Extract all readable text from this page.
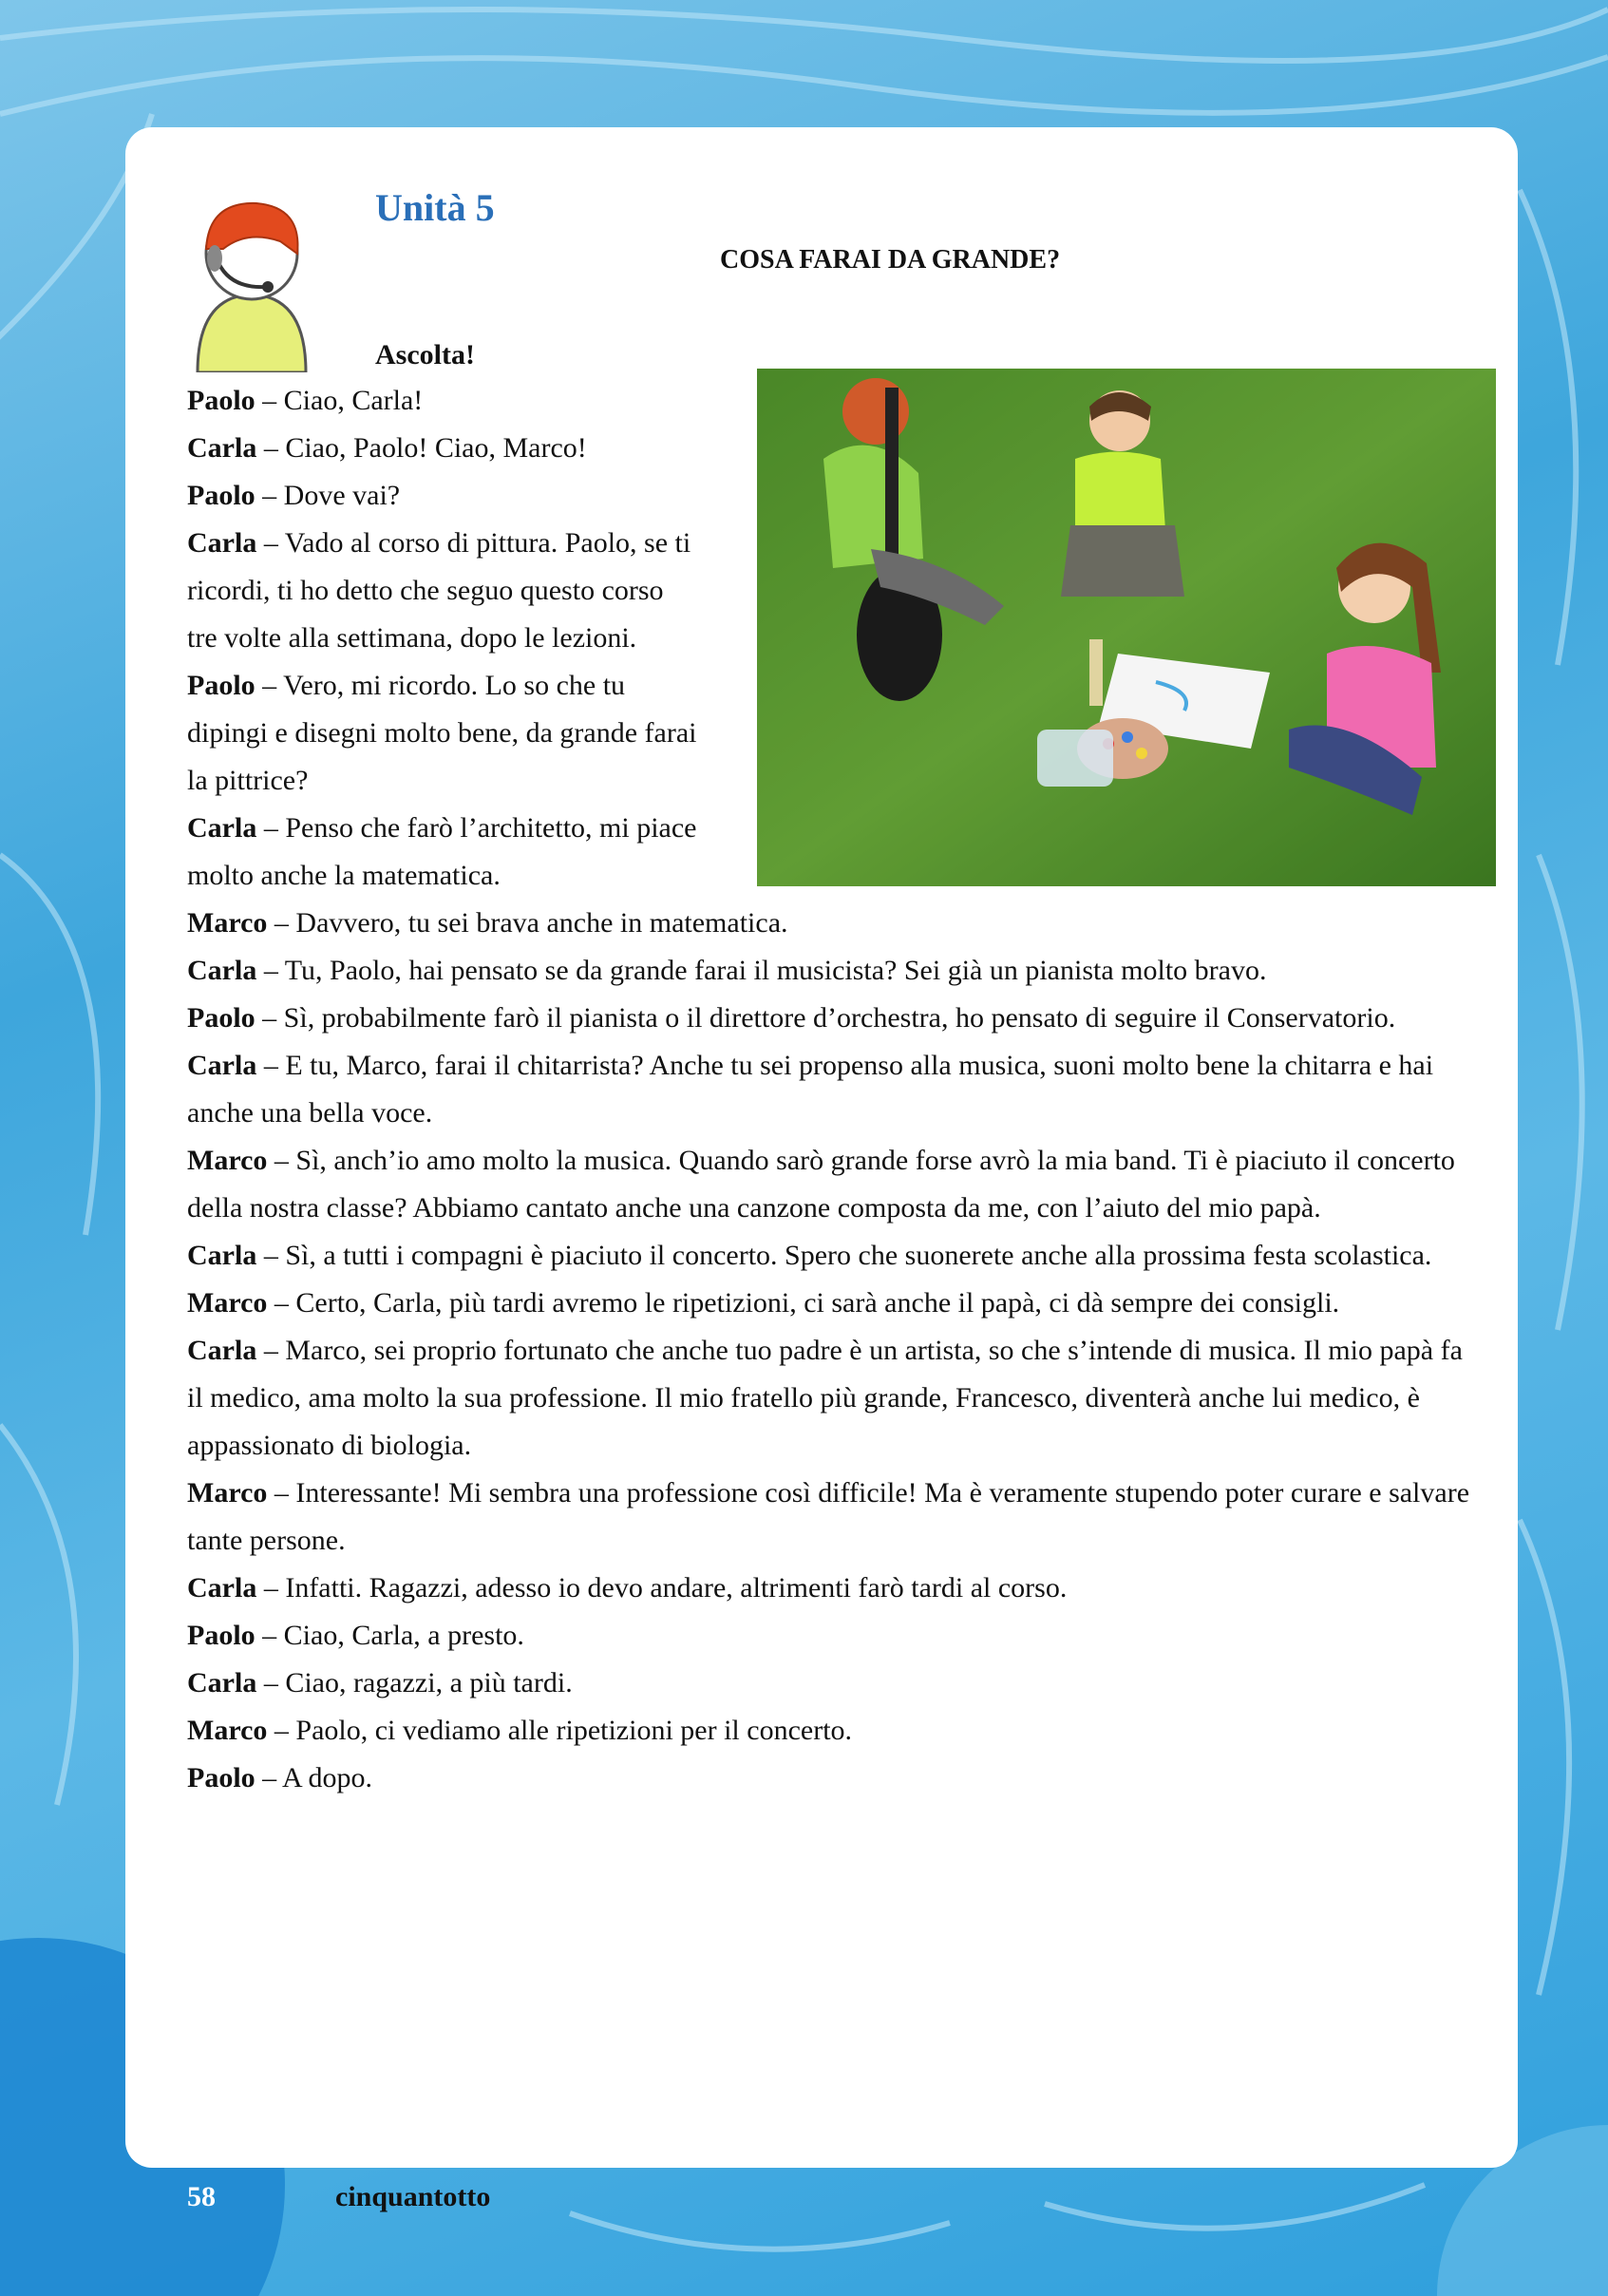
Unità 5
COSA FARAI DA GRANDE?
Ascolta!

Paolo – Ciao, Carla!

Carla – Ciao, Paolo! Ciao, Marco!

Paolo – Dove vai?

Carla – Vado al corso di pittura. Paolo, se ti ricordi, ti ho detto che seguo questo corso tre volte alla settimana, dopo le lezioni.

Paolo – Vero, mi ricordo. Lo so che tu dipingi e disegni molto bene, da grande farai la pittrice?

Carla – Penso che farò l’architetto, mi piace molto anche la matematica.

Marco – Davvero, tu sei brava anche in matematica.

Carla – Tu, Paolo, hai pensato se da grande farai il musicista? Sei già un pianista molto bravo.

Paolo – Sì, probabilmente farò il pianista o il direttore d’orchestra, ho pensato di seguire il Conservatorio.

Carla – E tu, Marco, farai il chitarrista? Anche tu sei propenso alla musica, suoni molto bene la chitarra e hai anche una bella voce.

Marco – Sì, anch’io amo molto la musica. Quando sarò grande forse avrò la mia band. Ti è piaciuto il concerto della nostra classe? Abbiamo cantato anche una canzone composta da me, con l’aiuto del mio papà.

Carla – Sì, a tutti i compagni è piaciuto il concerto. Spero che suonerete anche alla prossima festa scolastica.

Marco – Certo, Carla, più tardi avremo le ripetizioni, ci sarà anche il papà, ci dà sempre dei consigli.

Carla – Marco, sei proprio fortunato che anche tuo padre è un artista, so che s’intende di musica. Il mio papà fa il medico, ama molto la sua professione. Il mio fratello più grande, Francesco, diventerà anche lui medico, è appassionato di biologia.

Marco – Interessante! Mi sembra una professione così difficile! Ma è veramente stupendo poter curare e salvare tante persone.

Carla – Infatti. Ragazzi, adesso io devo andare, altrimenti farò tardi al corso.

Paolo – Ciao, Carla, a presto.

Carla – Ciao, ragazzi, a più tardi.

Marco – Paolo, ci vediamo alle ripetizioni per il concerto.

Paolo – A dopo.

58	cinquantotto
